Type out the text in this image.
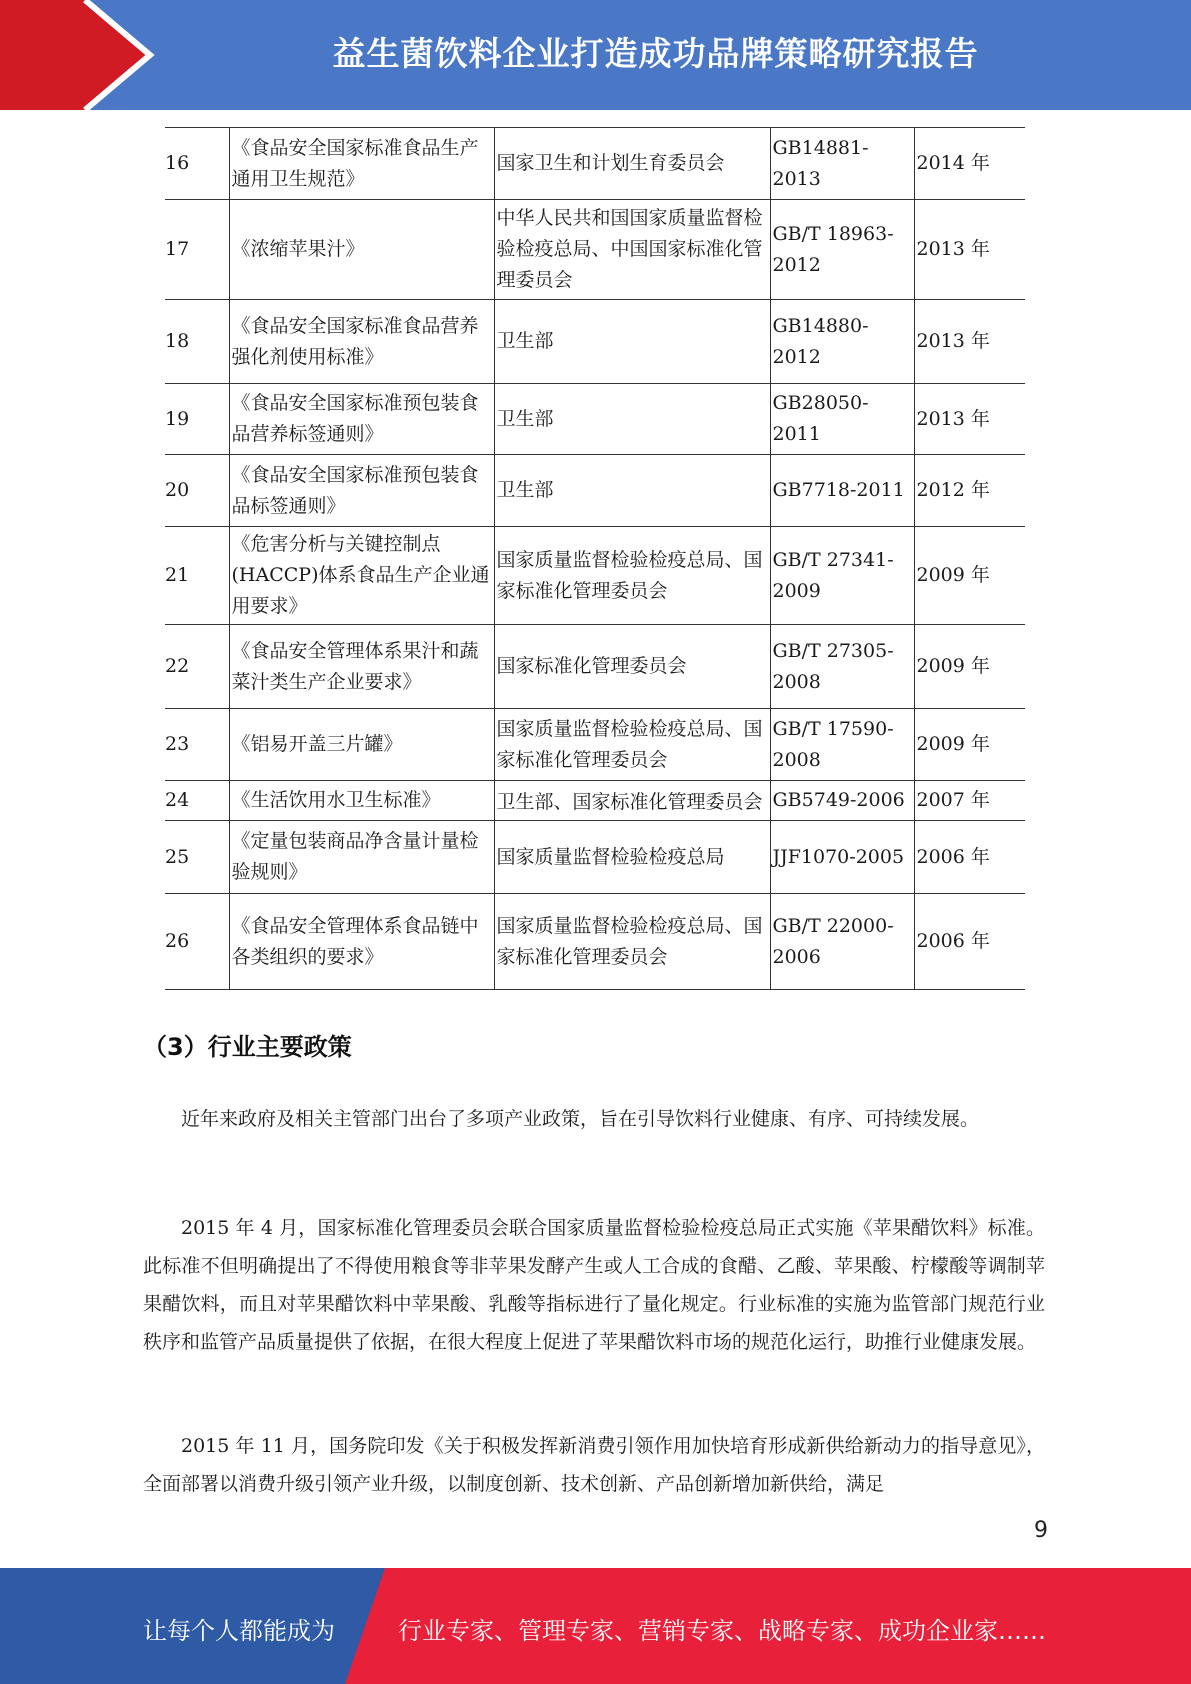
益生菌饮料企业打造成功品牌策略研究报告
16	《食品安全国家标准食品生产通用卫生规范》	国家卫生和计划生育委员会	GB14881-2013	2014 年
17	《浓缩苹果汁》	中华人民共和国国家质量监督检验检疫总局、中国国家标准化管理委员会	GB/T 18963-2012	2013 年
18	《食品安全国家标准食品营养强化剂使用标准》	卫生部	GB14880-2012	2013 年
19	《食品安全国家标准预包装食品营养标签通则》	卫生部	GB28050-2011	2013 年
20	《食品安全国家标准预包装食品标签通则》	卫生部	GB7718-2011	2012 年
21	《危害分析与关键控制点(HACCP)体系食品生产企业通用要求》	国家质量监督检验检疫总局、国家标准化管理委员会	GB/T 27341-2009	2009 年
22	《食品安全管理体系果汁和蔬菜汁类生产企业要求》	国家标准化管理委员会	GB/T 27305-2008	2009 年
23	《铝易开盖三片罐》	国家质量监督检验检疫总局、国家标准化管理委员会	GB/T 17590-2008	2009 年
24	《生活饮用水卫生标准》	卫生部、国家标准化管理委员会	GB5749-2006	2007 年
25	《定量包装商品净含量计量检验规则》	国家质量监督检验检疫总局	JJF1070-2005	2006 年
26	《食品安全管理体系食品链中各类组织的要求》	国家质量监督检验检疫总局、国家标准化管理委员会	GB/T 22000-2006	2006 年
（3）行业主要政策

近年来政府及相关主管部门出台了多项产业政策，旨在引导饮料行业健康、有序、可持续发展。

2015 年 4 月，国家标准化管理委员会联合国家质量监督检验检疫总局正式实施《苹果醋饮料》标准。此标准不但明确提出了不得使用粮食等非苹果发酵产生或人工合成的食醋、乙酸、苹果酸、柠檬酸等调制苹果醋饮料，而且对苹果醋饮料中苹果酸、乳酸等指标进行了量化规定。行业标准的实施为监管部门规范行业秩序和监管产品质量提供了依据，在很大程度上促进了苹果醋饮料市场的规范化运行，助推行业健康发展。

2015 年 11 月，国务院印发《关于积极发挥新消费引领作用加快培育形成新供给新动力的指导意见》，全面部署以消费升级引领产业升级，以制度创新、技术创新、产品创新增加新供给，满足

9
让每个人都能成为	行业专家、管理专家、营销专家、战略专家、成功企业家……
